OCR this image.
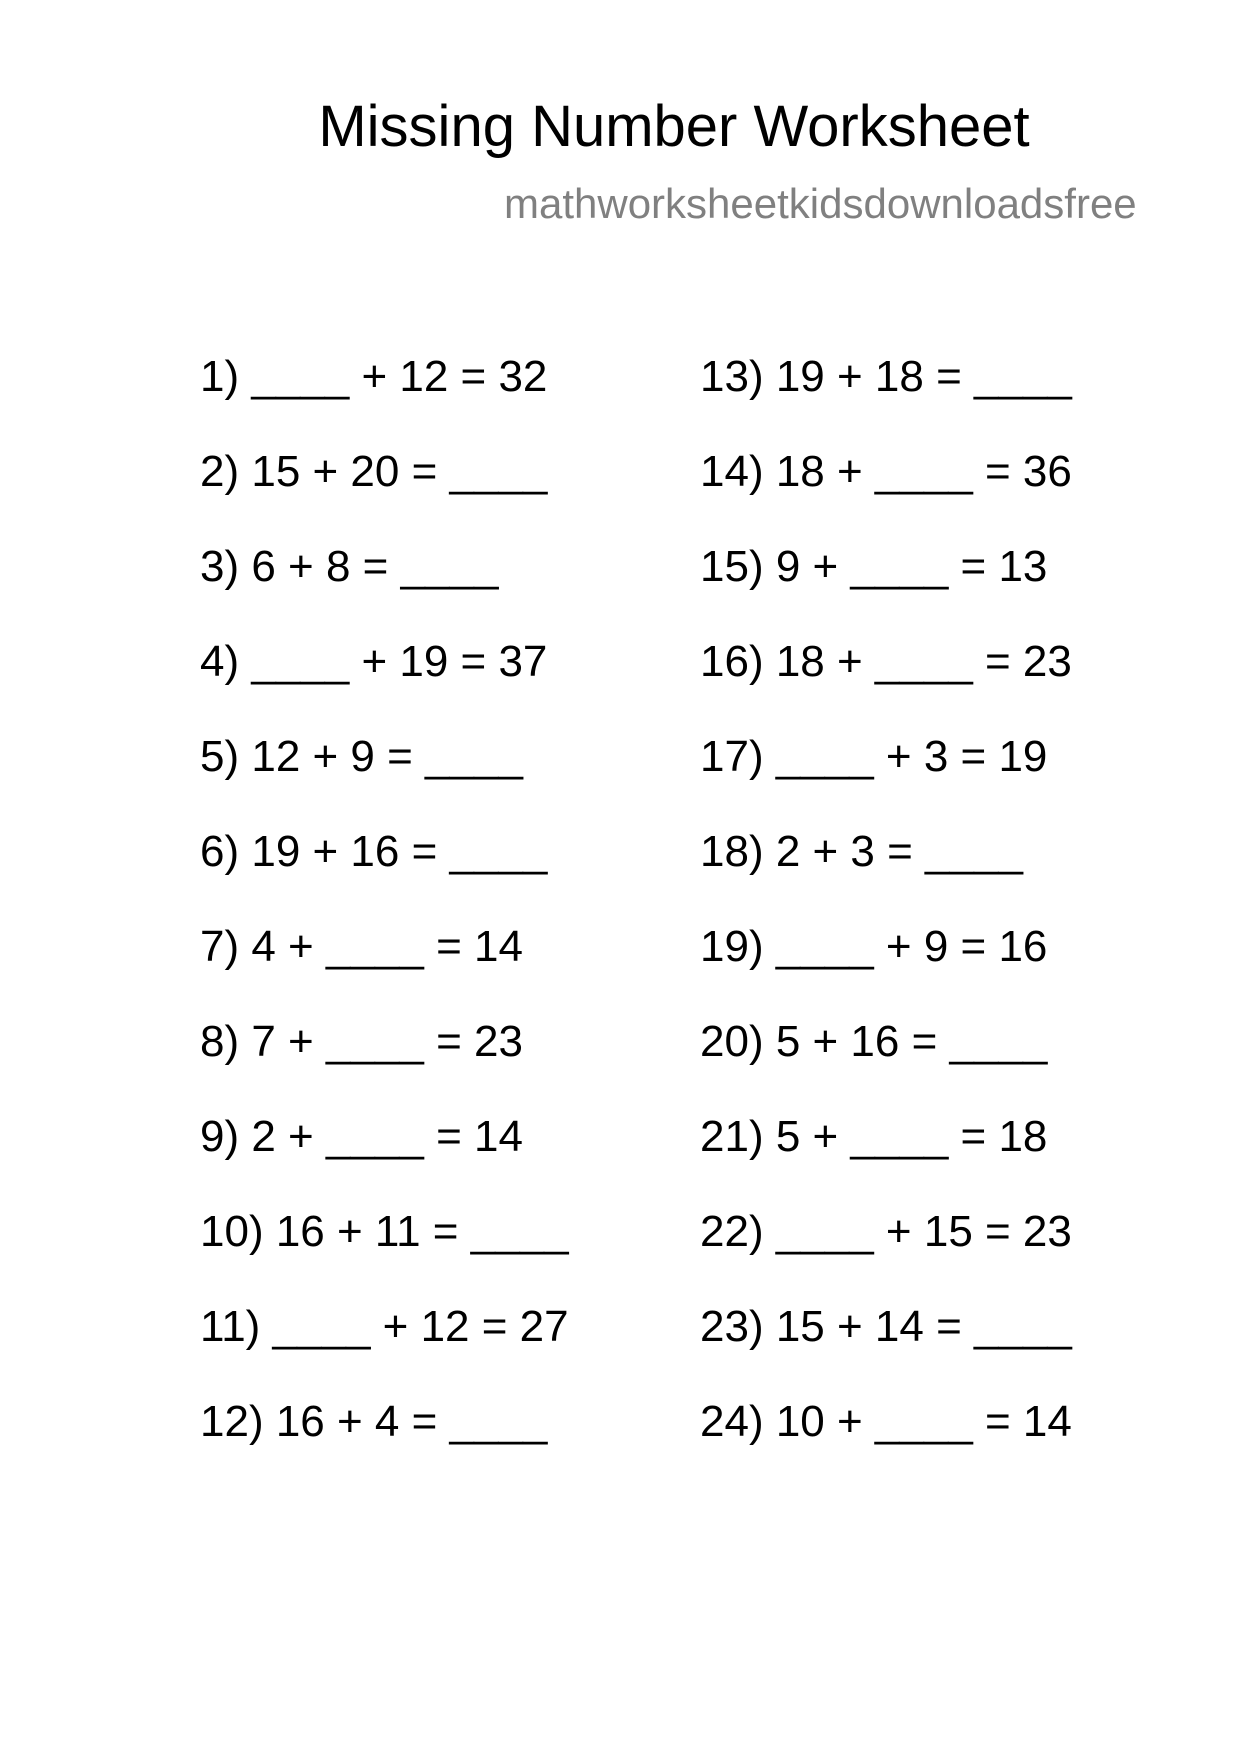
Missing Number Worksheet
mathworksheetkidsdownloadsfree
1) ____ + 12 = 32
2) 15 + 20 = ____
3) 6 + 8 = ____
4) ____ + 19 = 37
5) 12 + 9 = ____
6) 19 + 16 = ____
7) 4 + ____ = 14
8) 7 + ____ = 23
9) 2 + ____ = 14
10) 16 + 11 = ____
11) ____ + 12 = 27
12) 16 + 4 = ____
13) 19 + 18 = ____
14) 18 + ____ = 36
15) 9 + ____ = 13
16) 18 + ____ = 23
17) ____ + 3 = 19
18) 2 + 3 = ____
19) ____ + 9 = 16
20) 5 + 16 = ____
21) 5 + ____ = 18
22) ____ + 15 = 23
23) 15 + 14 = ____
24) 10 + ____ = 14
